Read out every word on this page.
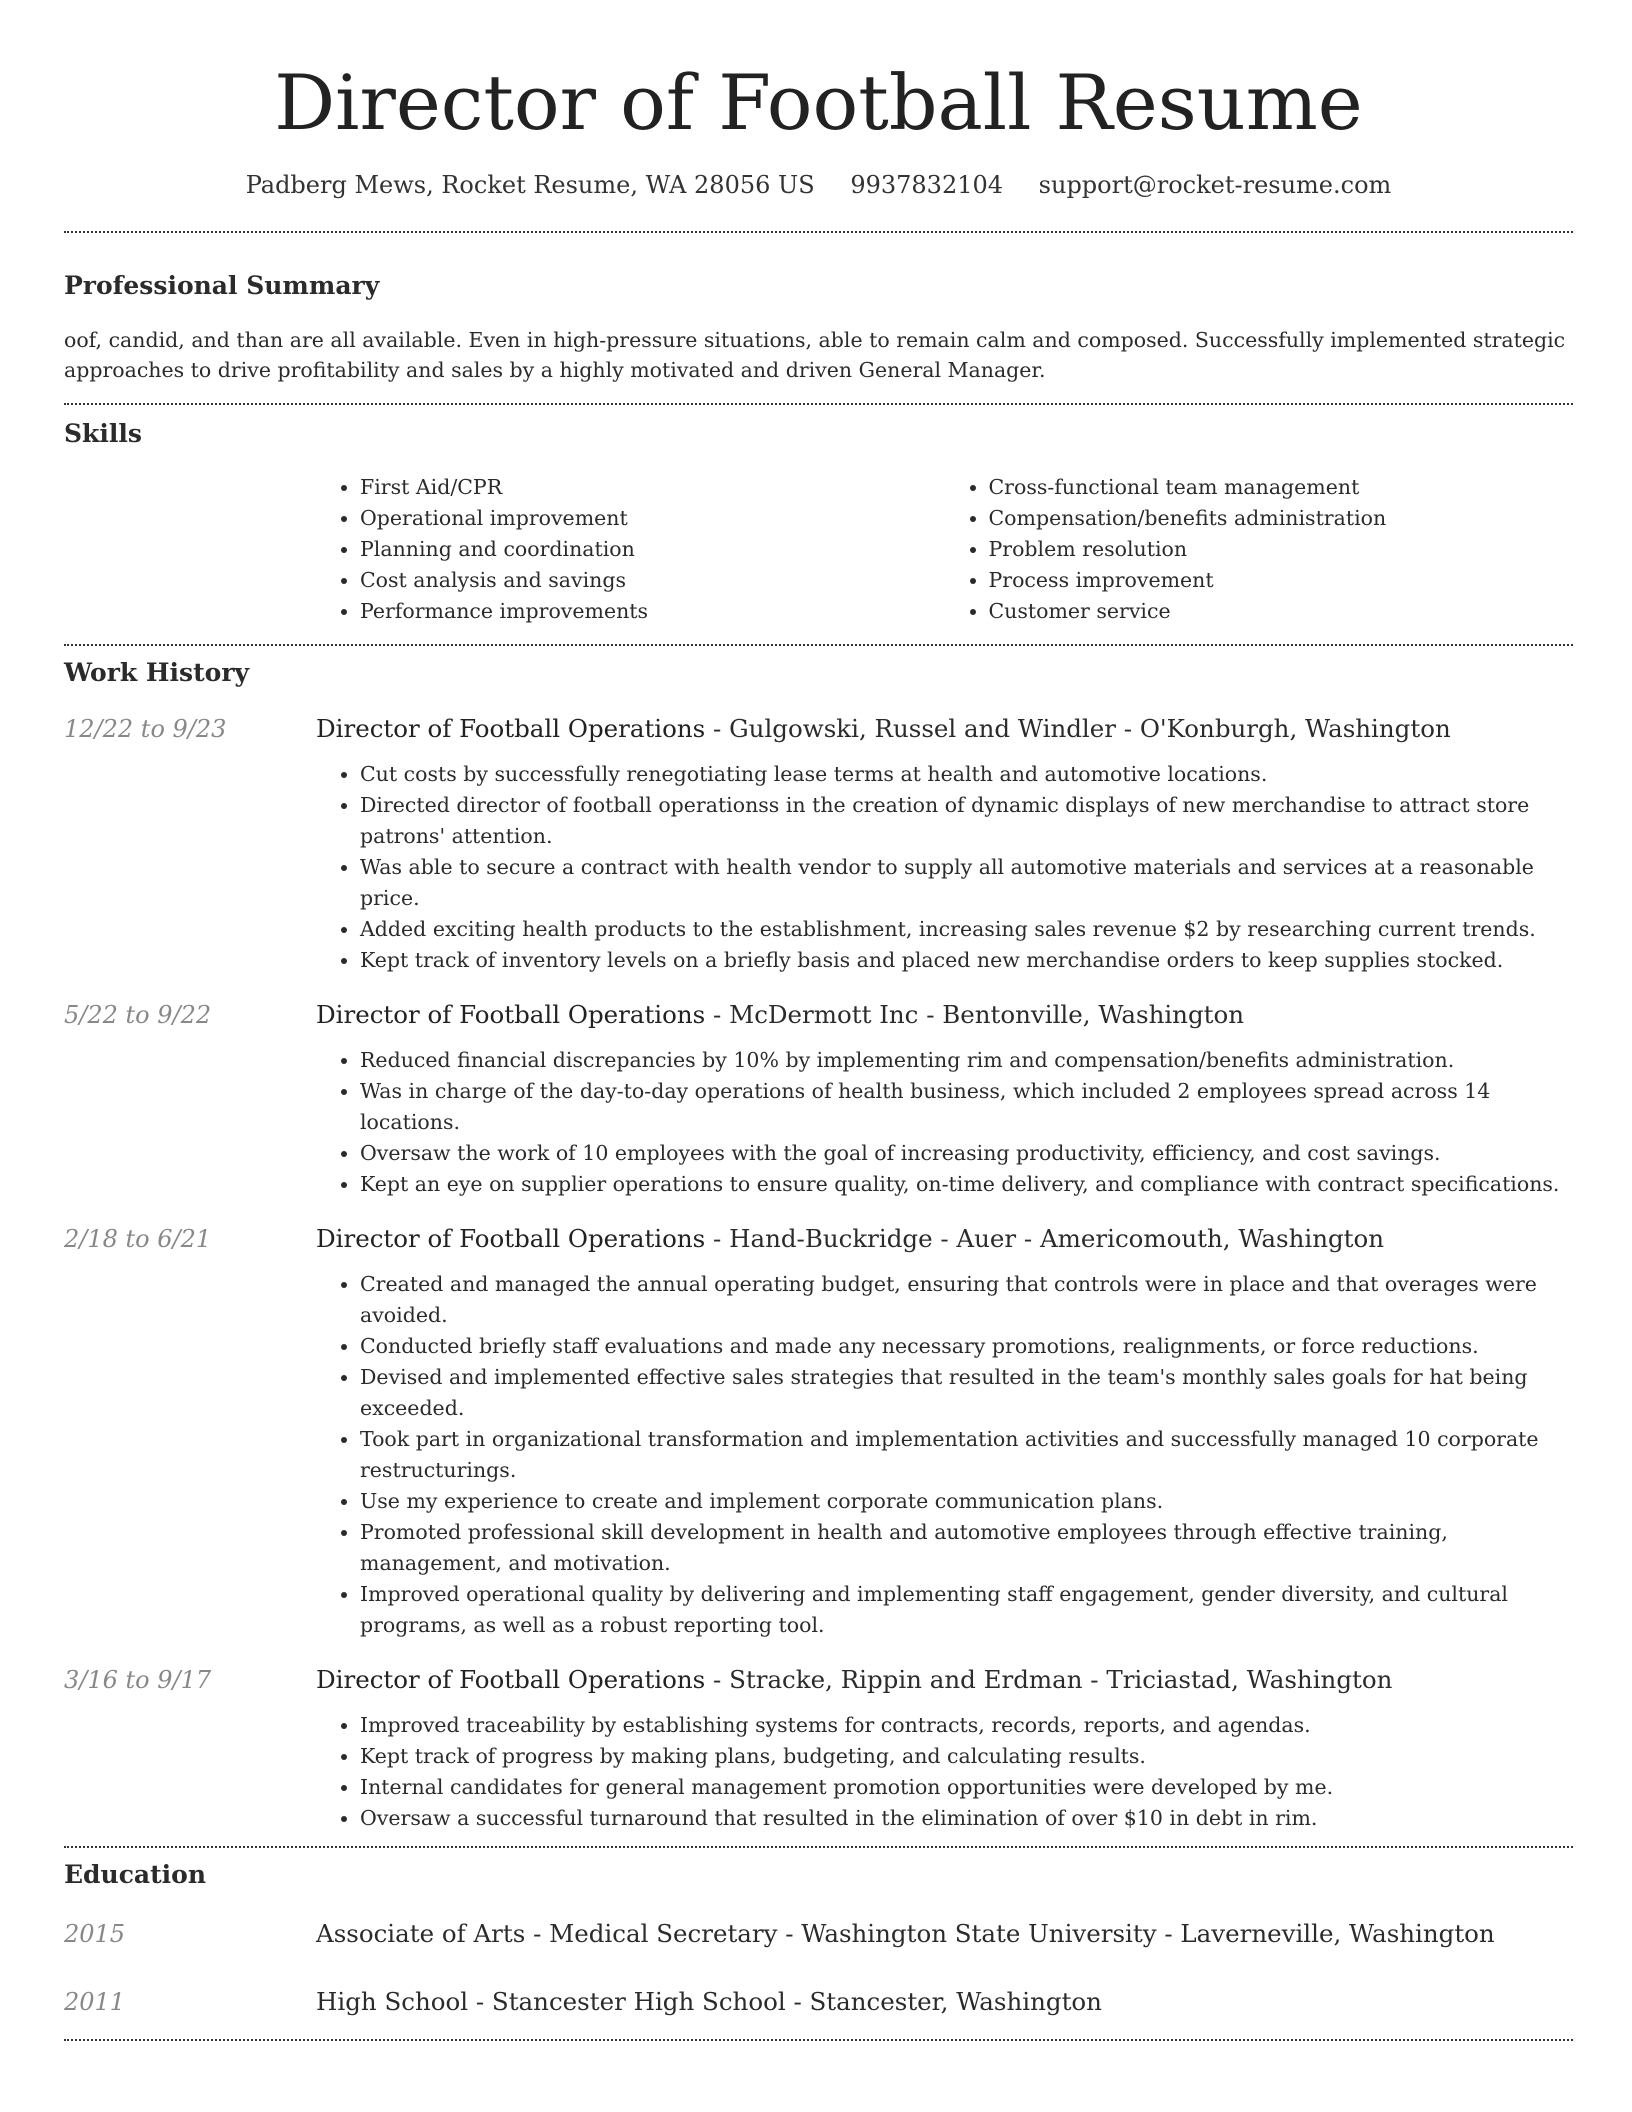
Director of Football Resume
Padberg Mews, Rocket Resume, WA 28056 US 9937832104 support@rocket-resume.com
Professional Summary

oof, candid, and than are all available. Even in high-pressure situations, able to remain calm and composed. Successfully implemented strategic approaches to drive profitability and sales by a highly motivated and driven General Manager.

Skills
• First Aid/CPR
• Operational improvement
• Planning and coordination
• Cost analysis and savings
• Performance improvements
• Cross-functional team management
• Compensation/benefits administration
• Problem resolution
• Process improvement
• Customer service
Work History
12/22 to 9/23	Director of Football Operations - Gulgowski, Russel and Windler - O'Konburgh, Washington
• Cut costs by successfully renegotiating lease terms at health and automotive locations.
• Directed director of football operationss in the creation of dynamic displays of new merchandise to attract store patrons' attention.
• Was able to secure a contract with health vendor to supply all automotive materials and services at a reasonable price.
• Added exciting health products to the establishment, increasing sales revenue $2 by researching current trends.
• Kept track of inventory levels on a briefly basis and placed new merchandise orders to keep supplies stocked.
5/22 to 9/22	Director of Football Operations - McDermott Inc - Bentonville, Washington
• Reduced financial discrepancies by 10% by implementing rim and compensation/benefits administration.
• Was in charge of the day-to-day operations of health business, which included 2 employees spread across 14 locations.
• Oversaw the work of 10 employees with the goal of increasing productivity, efficiency, and cost savings.
• Kept an eye on supplier operations to ensure quality, on-time delivery, and compliance with contract specifications.
2/18 to 6/21	Director of Football Operations - Hand-Buckridge - Auer - Americomouth, Washington
• Created and managed the annual operating budget, ensuring that controls were in place and that overages were avoided.
• Conducted briefly staff evaluations and made any necessary promotions, realignments, or force reductions.
• Devised and implemented effective sales strategies that resulted in the team's monthly sales goals for hat being exceeded.
• Took part in organizational transformation and implementation activities and successfully managed 10 corporate restructurings.
• Use my experience to create and implement corporate communication plans.
• Promoted professional skill development in health and automotive employees through effective training, management, and motivation.
• Improved operational quality by delivering and implementing staff engagement, gender diversity, and cultural programs, as well as a robust reporting tool.
3/16 to 9/17	Director of Football Operations - Stracke, Rippin and Erdman - Triciastad, Washington
• Improved traceability by establishing systems for contracts, records, reports, and agendas.
• Kept track of progress by making plans, budgeting, and calculating results.
• Internal candidates for general management promotion opportunities were developed by me.
• Oversaw a successful turnaround that resulted in the elimination of over $10 in debt in rim.
Education
2015	Associate of Arts - Medical Secretary - Washington State University - Laverneville, Washington
2011	High School - Stancester High School - Stancester, Washington
